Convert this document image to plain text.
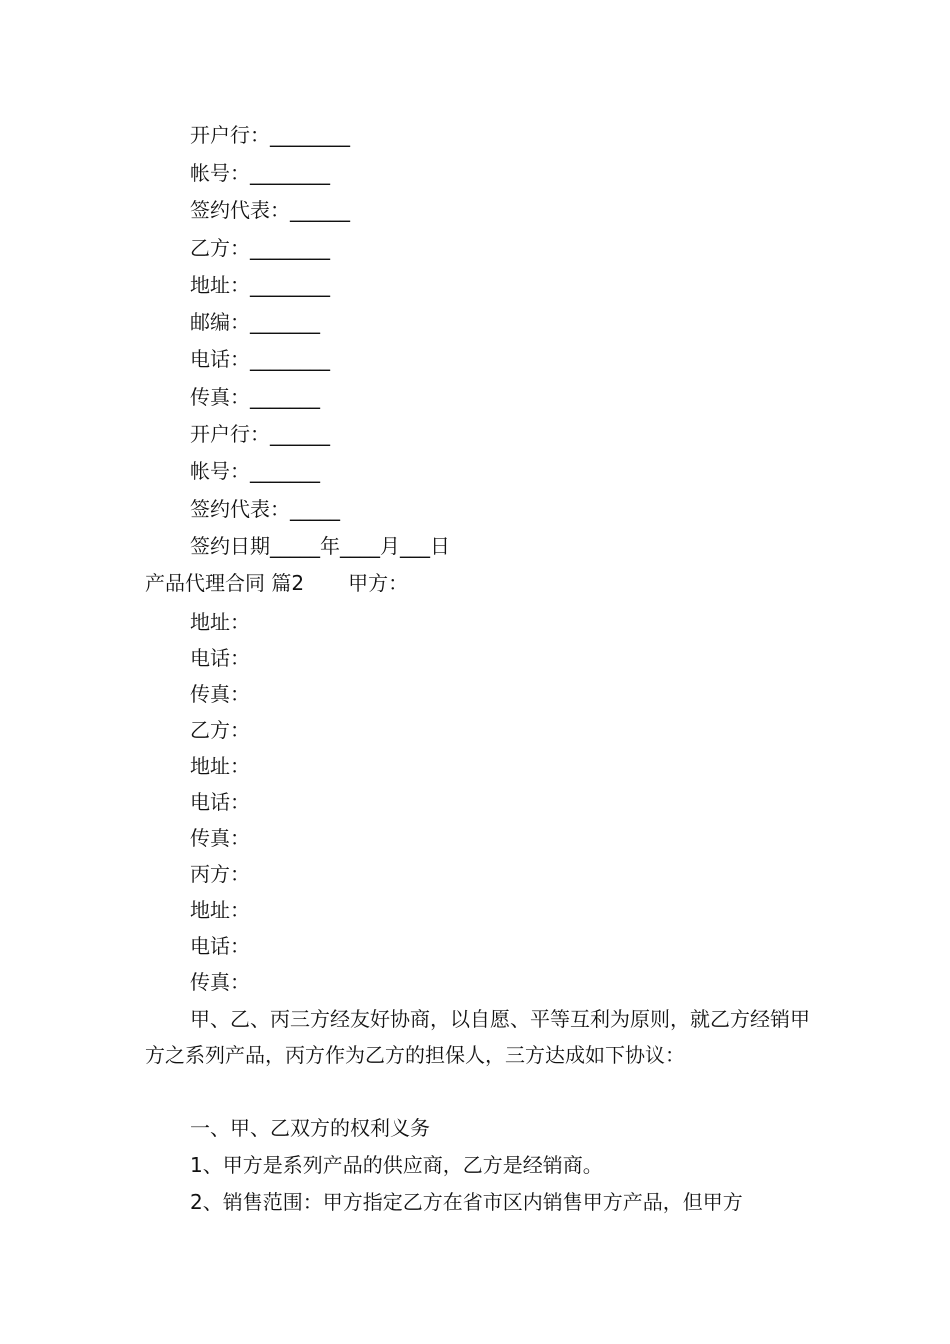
开户行：________
帐号：________
签约代表：______
乙方：________
地址：________
邮编：_______
电话：________
传真：_______
开户行：______
帐号：_______
签约代表：_____
签约日期_____年____月___日
产品代理合同 篇2 甲方：
地址：
电话：
传真：
乙方：
地址：
电话：
传真：
丙方：
地址：
电话：
传真：
甲、乙、丙三方经友好协商，以自愿、平等互利为原则，就乙方经销甲方之系列产品，丙方作为乙方的担保人，三方达成如下协议：
一、甲、乙双方的权利义务
1、甲方是系列产品的供应商，乙方是经销商。
2、销售范围：甲方指定乙方在省市区内销售甲方产品，但甲方
